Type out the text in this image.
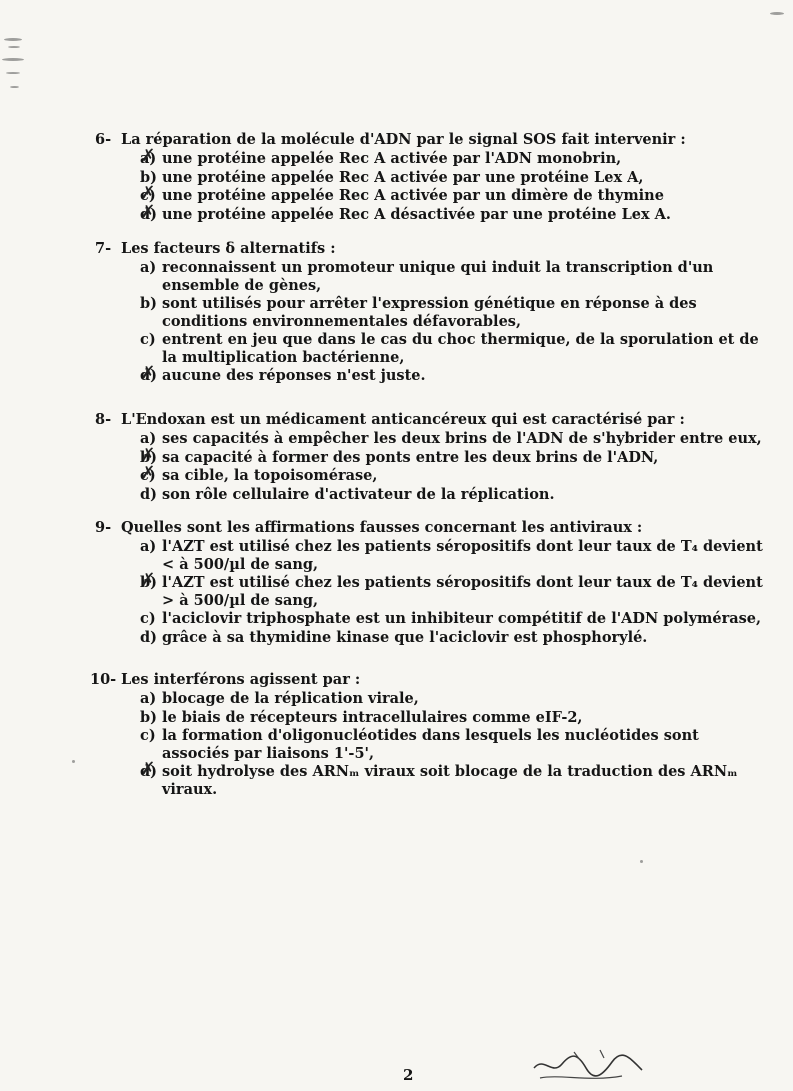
6- La réparation de la molécule d'ADN par le signal SOS fait intervenir :
a) ✗ une protéine appelée Rec A activée par l'ADN monobrin,
b) une protéine appelée Rec A activée par une protéine Lex A,
c) ✗ une protéine appelée Rec A activée par un dimère de thymine
d) ✗ une protéine appelée Rec A désactivée par une protéine Lex A.
7- Les facteurs δ alternatifs :
a) reconnaissent un promoteur unique qui induit la transcription d'un ensemble de gènes,
b) sont utilisés pour arrêter l'expression génétique en réponse à des conditions environnementales défavorables,
c) entrent en jeu que dans le cas du choc thermique, de la sporulation et de la multiplication bactérienne,
d) ✗ aucune des réponses n'est juste.
8- L'Endoxan est un médicament anticancéreux qui est caractérisé par :
a) ses capacités à empêcher les deux brins de l'ADN de s'hybrider entre eux,
b) ✗ sa capacité à former des ponts entre les deux brins de l'ADN,
c) ✗ sa cible, la topoisomérase,
d) son rôle cellulaire d'activateur de la réplication.
9- Quelles sont les affirmations fausses concernant les antiviraux :
a) l'AZT est utilisé chez les patients séropositifs dont leur taux de T₄ devient < à 500/µl de sang,
b) ✗ l'AZT est utilisé chez les patients séropositifs dont leur taux de T₄ devient > à 500/µl de sang,
c) l'aciclovir triphosphate est un inhibiteur compétitif de l'ADN polymérase,
d) grâce à sa thymidine kinase que l'aciclovir est phosphorylé.
10- Les interférons agissent par :
a) blocage de la réplication virale,
b) le biais de récepteurs intracellulaires comme eIF-2,
c) la formation d'oligonucléotides dans lesquels les nucléotides sont associés par liaisons 1'-5',
d) ✗ soit hydrolyse des ARNₘ viraux soit blocage de la traduction des ARNₘ viraux.
2
